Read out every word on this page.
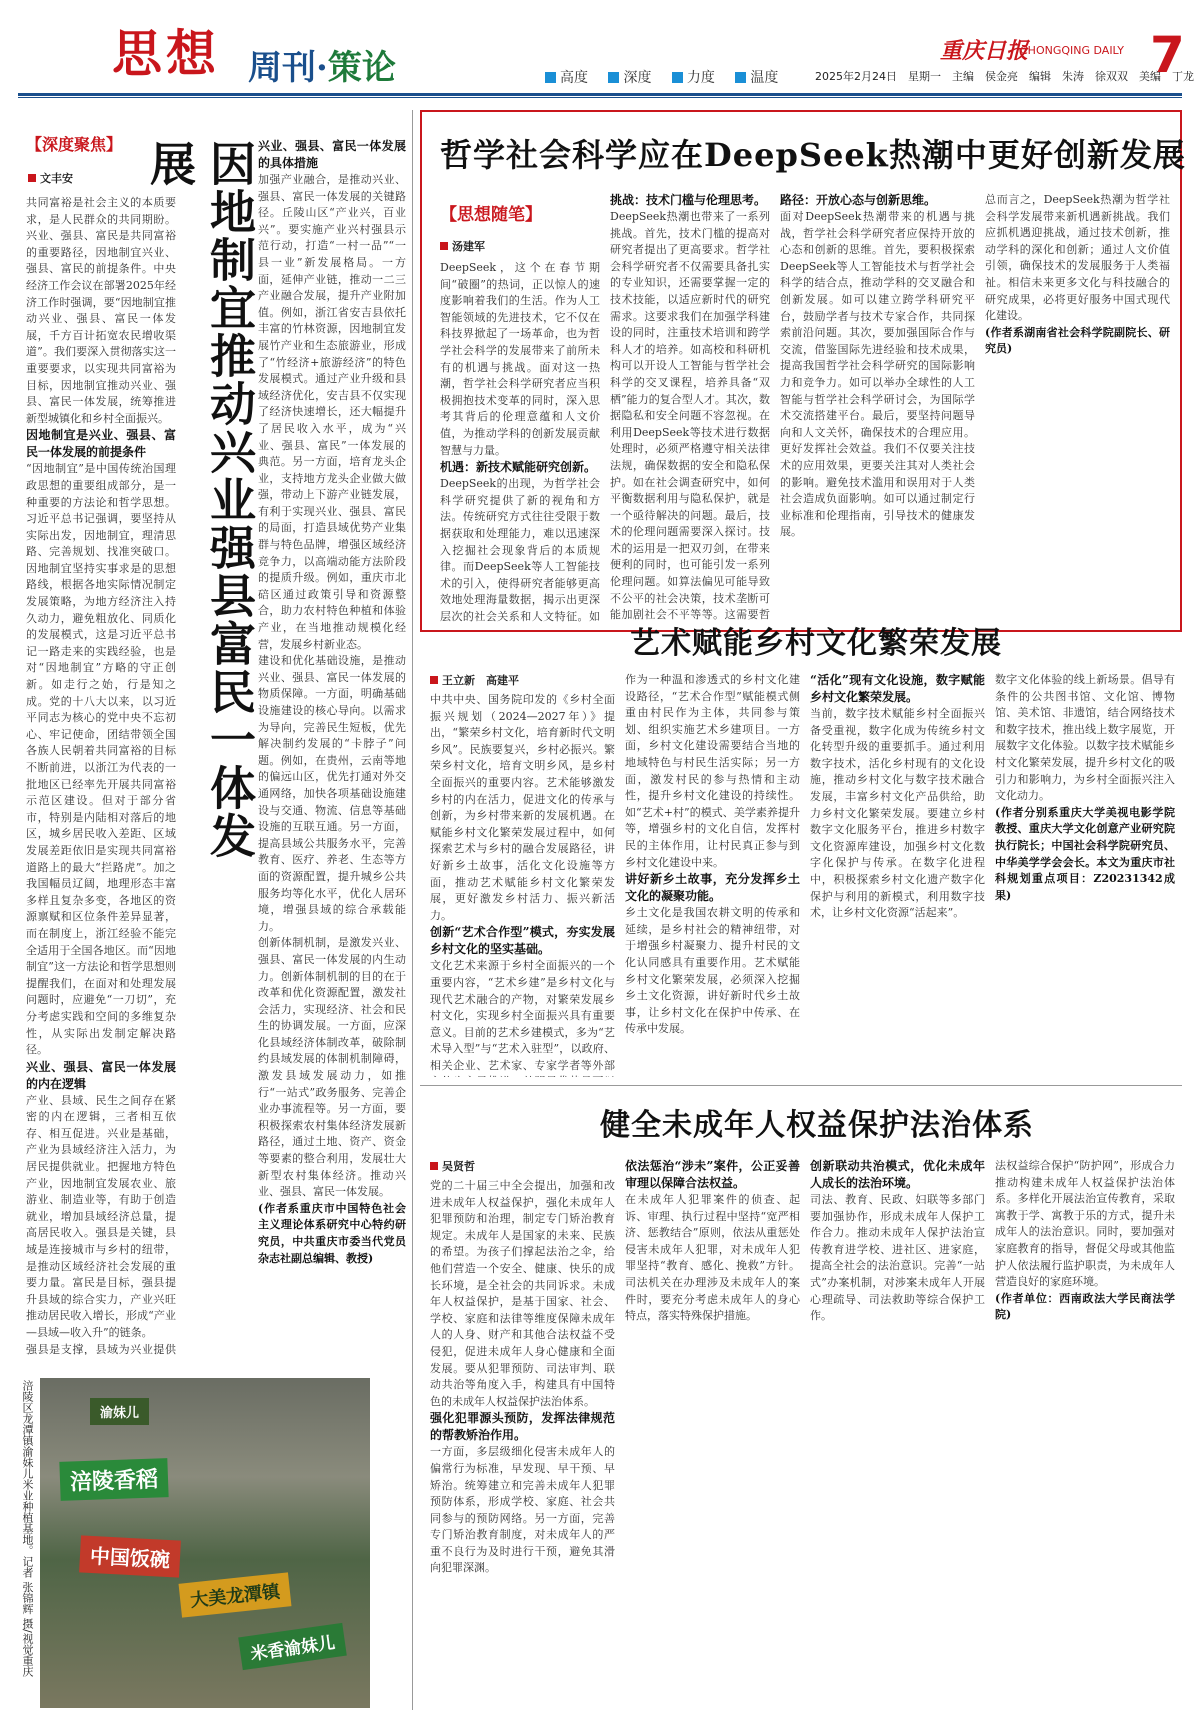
思想 周刊·策论	高度	深度	力度	温度
重庆日报
CHONGQING DAILY 7
2025年2月24日　星期一　主编　侯金亮　编辑　朱涛　徐双双　美编　丁龙
【深度聚焦】
文丰安

共同富裕是社会主义的本质要求，是人民群众的共同期盼。兴业、强县、富民是共同富裕的重要路径，因地制宜兴业、强县、富民的前提条件。中央经济工作会议在部署2025年经济工作时强调，要“因地制宜推动兴业、强县、富民一体发展，千方百计拓宽农民增收渠道”。我们要深入贯彻落实这一重要要求，以实现共同富裕为目标，因地制宜推动兴业、强县、富民一体发展，统筹推进新型城镇化和乡村全面振兴。

因地制宜是兴业、强县、富民一体发展的前提条件

“因地制宜”是中国传统治国理政思想的重要组成部分，是一种重要的方法论和哲学思想。习近平总书记强调，要坚持从实际出发，因地制宜，理清思路、完善规划、找准突破口。因地制宜坚持实事求是的思想路线，根据各地实际情况制定发展策略，为地方经济注入持久动力，避免粗放化、同质化的发展模式，这是习近平总书记一路走来的实践经验，也是对“因地制宜”方略的守正创新。如走行之始，行是知之成。党的十八大以来，以习近平同志为核心的党中央不忘初心、牢记使命，团结带领全国各族人民朝着共同富裕的目标不断前进，以浙江为代表的一批地区已经率先开展共同富裕示范区建设。但对于部分省市，特别是内陆相对落后的地区，城乡居民收入差距、区域发展差距依旧是实现共同富裕道路上的最大“拦路虎”。加之我国幅员辽阔，地理形态丰富多样且复杂多变，各地区的资源禀赋和区位条件差异显著，而在制度上，浙江经验不能完全适用于全国各地区。而“因地制宜”这一方法论和哲学思想则提醒我们，在面对和处理发展问题时，应避免“一刀切”，充分考虑实践和空间的多维复杂性，从实际出发制定解决路径。

兴业、强县、富民一体发展的内在逻辑

产业、县域、民生之间存在紧密的内在逻辑，三者相互依存、相互促进。兴业是基础，产业为县域经济注入活力，为居民提供就业。把握地方特色产业，因地制宜发展农业、旅游业、制造业等，有助于创造就业，增加县域经济总量，提高居民收入。强县是关键，县域是连接城市与乡村的纽带，是推动区域经济社会发展的重要力量。富民是目标，强县提升县域的综合实力，产业兴旺推动居民收入增长，形成“产业—县域—收入升”的链条。

强县是支撑，县域为兴业提供

因地制宜推动兴业强县富民一体发展	兴业、强县、富民一体发展的具体措施

加强产业融合，是推动兴业、强县、富民一体发展的关键路径。丘陵山区“产业兴，百业兴”。要实施产业兴村强县示范行动，打造“一村一品”“一县一业”新发展格局。一方面，延伸产业链，推动一二三产业融合发展，提升产业附加值。例如，浙江省安吉县依托丰富的竹林资源，因地制宜发展竹产业和生态旅游业，形成了“竹经济+旅游经济”的特色发展模式。通过产业升级和县域经济优化，安吉县不仅实现了经济快速增长，还大幅提升了居民收入水平，成为“兴业、强县、富民”一体发展的典范。另一方面，培育龙头企业，支持地方龙头企业做大做强，带动上下游产业链发展，有利于实现兴业、强县、富民的局面，打造县域优势产业集群与特色品牌，增强区域经济竞争力，以高端动能方法阶段的提质升级。例如，重庆市北碚区通过政策引导和资源整合，助力农村特色种植和体验产业，在当地推动规模化经营，发展乡村新业态。

建设和优化基础设施，是推动兴业、强县、富民一体发展的物质保障。一方面，明确基础设施建设的核心导向。以需求为导向，完善民生短板，优先解决制约发展的“卡脖子”问题。例如，在贵州，云南等地的偏远山区，优先打通对外交通网络，加快各项基础设施建设与交通、物流、信息等基础设施的互联互通。另一方面，提高县域公共服务水平，完善教育、医疗、养老、生态等方面的资源配置，提升城乡公共服务均等化水平，优化人居环境，增强县域的综合承载能力。

创新体制机制，是激发兴业、强县、富民一体发展的内生动力。创新体制机制的目的在于改革和优化资源配置，激发社会活力，实现经济、社会和民生的协调发展。一方面，应深化县域经济体制改革，破除制约县域发展的体制机制障碍，激发县域发展动力，如推行“一站式”政务服务、完善企业办事流程等。另一方面，要积极探索农村集体经济发展新路径，通过土地、资产、资金等要素的整合利用，发展壮大新型农村集体经济。推动兴业、强县、富民一体发展。

(作者系重庆市中国特色社会主义理论体系研究中心特约研究员，中共重庆市委当代党员杂志社副总编辑、教授)

涪陵香稻
中国饭碗
大美龙潭镇
米香渝妹儿
渝妹儿
涪陵区龙潭镇渝妹儿米业种植基地。记者 张锦辉 摄/视觉重庆
哲学社会科学应在DeepSeek热潮中更好创新发展
【思想随笔】
汤建军

DeepSeek，这个在春节期间“破圈”的热词，正以惊人的速度影响着我们的生活。作为人工智能领域的先进技术，它不仅在科技界掀起了一场革命，也为哲学社会科学的发展带来了前所未有的机遇与挑战。面对这一热潮，哲学社会科学研究者应当积极拥抱技术变革的同时，深入思考其背后的伦理意蕴和人文价值，为推动学科的创新发展贡献智慧与力量。

机遇：新技术赋能研究创新。

DeepSeek的出现，为哲学社会科学研究提供了新的视角和方法。传统研究方式往往受限于数据获取和处理能力，难以迅速深入挖掘社会现象背后的本质规律。而DeepSeek等人工智能技术的引入，使得研究者能够更高效地处理海量数据，揭示出更深层次的社会关系和人文特征。如

挑战：技术门槛与伦理思考。

DeepSeek热潮也带来了一系列挑战。首先，技术门槛的提高对研究者提出了更高要求。哲学社会科学研究者不仅需要具备扎实的专业知识，还需要掌握一定的技术技能，以适应新时代的研究需求。这要求我们在加强学科建设的同时，注重技术培训和跨学科人才的培养。如高校和科研机构可以开设人工智能与哲学社会科学的交叉课程，培养具备“双栖”能力的复合型人才。其次，数据隐私和安全问题不容忽视。在利用DeepSeek等技术进行数据处理时，必须严格遵守相关法律法规，确保数据的安全和隐私保护。如在社会调查研究中，如何平衡数据利用与隐私保护，就是一个亟待解决的问题。最后，技术的伦理问题需要深入探讨。技术的运用是一把双刃剑，在带来便利的同时，也可能引发一系列伦理问题。如算法偏见可能导致不公平的社会决策，技术垄断可能加剧社会不平等等。这需要哲

路径：开放心态与创新思维。

面对DeepSeek热潮带来的机遇与挑战，哲学社会科学研究者应保持开放的心态和创新的思维。首先，要积极探索DeepSeek等人工智能技术与哲学社会科学的结合点，推动学科的交叉融合和创新发展。如可以建立跨学科研究平台，鼓励学者与技术专家合作，共同探索前沿问题。其次，要加强国际合作与交流，借鉴国际先进经验和技术成果，提高我国哲学社会科学研究的国际影响力和竞争力。如可以举办全球性的人工智能与哲学社会科学研讨会，为国际学术交流搭建平台。最后，要坚持问题导向和人文关怀，确保技术的合理应用。更好发挥社会效益。我们不仅要关注技术的应用效果，更要关注其对人类社会的影响。避免技术滥用和误用对于人类社会造成负面影响。如可以通过制定行业标准和伦理指南，引导技术的健康发展。

总而言之，DeepSeek热潮为哲学社会科学发展带来新机遇新挑战。我们应抓机遇迎挑战，通过技术创新，推动学科的深化和创新；通过人文价值引领，确保技术的发展服务于人类福祉。相信未来更多文化与科技融合的研究成果，必将更好服务中国式现代化建设。

(作者系湖南省社会科学院副院长、研究员)

艺术赋能乡村文化繁荣发展
王立新　高建平

中共中央、国务院印发的《乡村全面振兴规划（2024—2027年）》提出，“繁荣乡村文化，培育新时代文明乡风”。民族要复兴，乡村必振兴。繁荣乡村文化，培育文明乡风，是乡村全面振兴的重要内容。艺术能够激发乡村的内在活力，促进文化的传承与创新，为乡村带来新的发展机遇。在赋能乡村文化繁荣发展过程中，如何探索艺术与乡村的融合发展路径，讲好新乡土故事，活化文化设施等方面，推动艺术赋能乡村文化繁荣发展，更好激发乡村活力、振兴新活力。

创新“艺术合作型”模式，夯实发展乡村文化的坚实基础。

文化艺术来源于乡村全面振兴的一个重要内容，“艺术乡建”是乡村文化与现代艺术融合的产物，对繁荣发展乡村文化，实现乡村全面振兴具有重要意义。目前的艺术乡建模式，多为“艺术导入型”与“艺术入驻型”，以政府、相关企业、艺术家、专家学者等外部

作为一种温和渗透式的乡村文化建设路径，“艺术合作型”赋能模式侧重由村民作为主体，共同参与策划、组织实施艺术乡建项目。一方面，乡村文化建设需要结合当地的地域特色与村民生活实际；另一方面，激发村民的参与热情和主动性，提升乡村文化建设的持续性。如“艺术+村”的模式、美学素养提升等，增强乡村的文化自信，发挥村民的主体作用，让村民真正参与到乡村文化建设中来。

讲好新乡土故事，充分发挥乡土文化的凝聚功能。

乡土文化是我国农耕文明的传承和延续，是乡村社会的精神纽带，对于增强乡村凝聚力、提升村民的文化认同感具有重要作用。艺术赋能乡村文化繁荣发展，必须深入挖掘乡土文化资源，讲好新时代乡土故事，让乡村文化在保护中传承、在传承中发展。

“活化”现有文化设施，数字赋能乡村文化繁荣发展。

当前，数字技术赋能乡村全面振兴备受重视，数字化成为传统乡村文化转型升级的重要抓手。通过利用数字技术，活化乡村现有的文化设施，推动乡村文化与数字技术融合发展，丰富乡村文化产品供给，助力乡村文化繁荣发展。要建立乡村数字文化服务平台，推进乡村数字文化资源库建设，加强乡村文化数字化保护与传承。在数字化进程中，积极探索乡村文化遗产数字化保护与利用的新模式，利用数字技术，让乡村文化资源“活起来”。

数字文化体验的线上新场景。倡导有条件的公共图书馆、文化馆、博物馆、美术馆、非遗馆，结合网络技术和数字技术，推出线上数字展览，开展数字文化体验。以数字技术赋能乡村文化繁荣发展，提升乡村文化的吸引力和影响力，为乡村全面振兴注入文化动力。

(作者分别系重庆大学美视电影学院教授、重庆大学文化创意产业研究院执行院长；中国社会科学院研究员、中华美学学会会长。本文为重庆市社科规划重点项目：Z20231342成果)

健全未成年人权益保护法治体系
吴贤哲

党的二十届三中全会提出，加强和改进未成年人权益保护，强化未成年人犯罪预防和治理，制定专门矫治教育规定。未成年人是国家的未来、民族的希望。为孩子们撑起法治之伞，给他们营造一个安全、健康、快乐的成长环境，是全社会的共同诉求。未成年人权益保护，是基于国家、社会、学校、家庭和法律等维度保障未成年人的人身、财产和其他合法权益不受侵犯，促进未成年人身心健康和全面发展。要从犯罪预防、司法审判、联动共治等角度入手，构建具有中国特色的未成年人权益保护法治体系。

强化犯罪源头预防，发挥法律规范的帮教矫治作用。

一方面，多层级细化侵害未成年人的偏常行为标准，早发现、早干预、早矫治。统筹建立和完善未成年人犯罪预防体系，形成学校、家庭、社会共同参与的预防网络。另一方面，完善专门矫治教育制度，对未成年人的严重不良行为及时进行干预，避免其滑向犯罪深渊。

依法惩治“涉未”案件，公正妥善审理以保障合法权益。

在未成年人犯罪案件的侦查、起诉、审理、执行过程中坚持“宽严相济、惩教结合”原则，依法从重惩处侵害未成年人犯罪，对未成年人犯罪坚持“教育、感化、挽救”方针。司法机关在办理涉及未成年人的案件时，要充分考虑未成年人的身心特点，落实特殊保护措施。

创新联动共治模式，优化未成年人成长的法治环境。

司法、教育、民政、妇联等多部门要加强协作，形成未成年人保护工作合力。推动未成年人保护法治宣传教育进学校、进社区、进家庭，提高全社会的法治意识。完善“一站式”办案机制，对涉案未成年人开展心理疏导、司法救助等综合保护工作。

法权益综合保护“防护网”，形成合力推动构建未成年人权益保护法治体系。多样化开展法治宣传教育，采取寓教于学、寓教于乐的方式，提升未成年人的法治意识。同时，要加强对家庭教育的指导，督促父母或其他监护人依法履行监护职责，为未成年人营造良好的家庭环境。

(作者单位：西南政法大学民商法学院)
